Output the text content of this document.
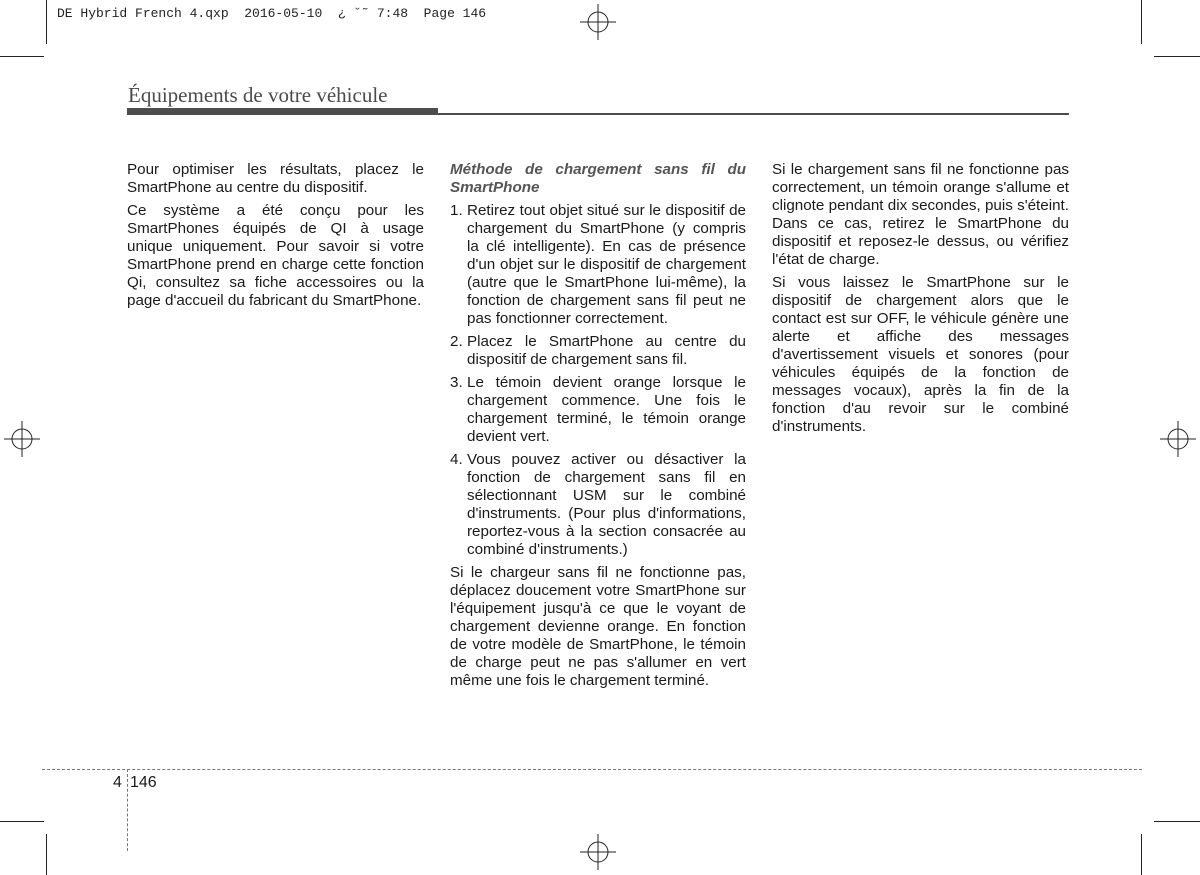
DE Hybrid French 4.qxp  2016-05-10  ¿ ˘˜ 7:48  Page 146
Équipements de votre véhicule

Pour optimiser les résultats, placez le SmartPhone au centre du dispositif.

Ce système a été conçu pour les SmartPhones équipés de QI à usage unique uniquement. Pour savoir si votre SmartPhone prend en charge cette fonction Qi, consultez sa fiche accessoires ou la page d'accueil du fabricant du SmartPhone.

Méthode de chargement sans fil du SmartPhone

1. Retirez tout objet situé sur le dispositif de chargement du SmartPhone (y compris la clé intelligente). En cas de présence d'un objet sur le dispositif de chargement (autre que le SmartPhone lui-même), la fonction de chargement sans fil peut ne pas fonctionner correctement.
2. Placez le SmartPhone au centre du dispositif de chargement sans fil.
3. Le témoin devient orange lorsque le chargement commence. Une fois le chargement terminé, le témoin orange devient vert.
4. Vous pouvez activer ou désactiver la fonction de chargement sans fil en sélectionnant USM sur le combiné d'instruments. (Pour plus d'informations, reportez-vous à la section consacrée au combiné d'instruments.)

Si le chargeur sans fil ne fonctionne pas, déplacez doucement votre SmartPhone sur l'équipement jusqu'à ce que le voyant de chargement devienne orange. En fonction de votre modèle de SmartPhone, le témoin de charge peut ne pas s'allumer en vert même une fois le chargement terminé.

Si le chargement sans fil ne fonctionne pas correctement, un témoin orange s'allume et clignote pendant dix secondes, puis s'éteint. Dans ce cas, retirez le SmartPhone du dispositif et reposez-le dessus, ou vérifiez l'état de charge.

Si vous laissez le SmartPhone sur le dispositif de chargement alors que le contact est sur OFF, le véhicule génère une alerte et affiche des messages d'avertissement visuels et sonores (pour véhicules équipés de la fonction de messages vocaux), après la fin de la fonction d'au revoir sur le combiné d'instruments.

4 146
